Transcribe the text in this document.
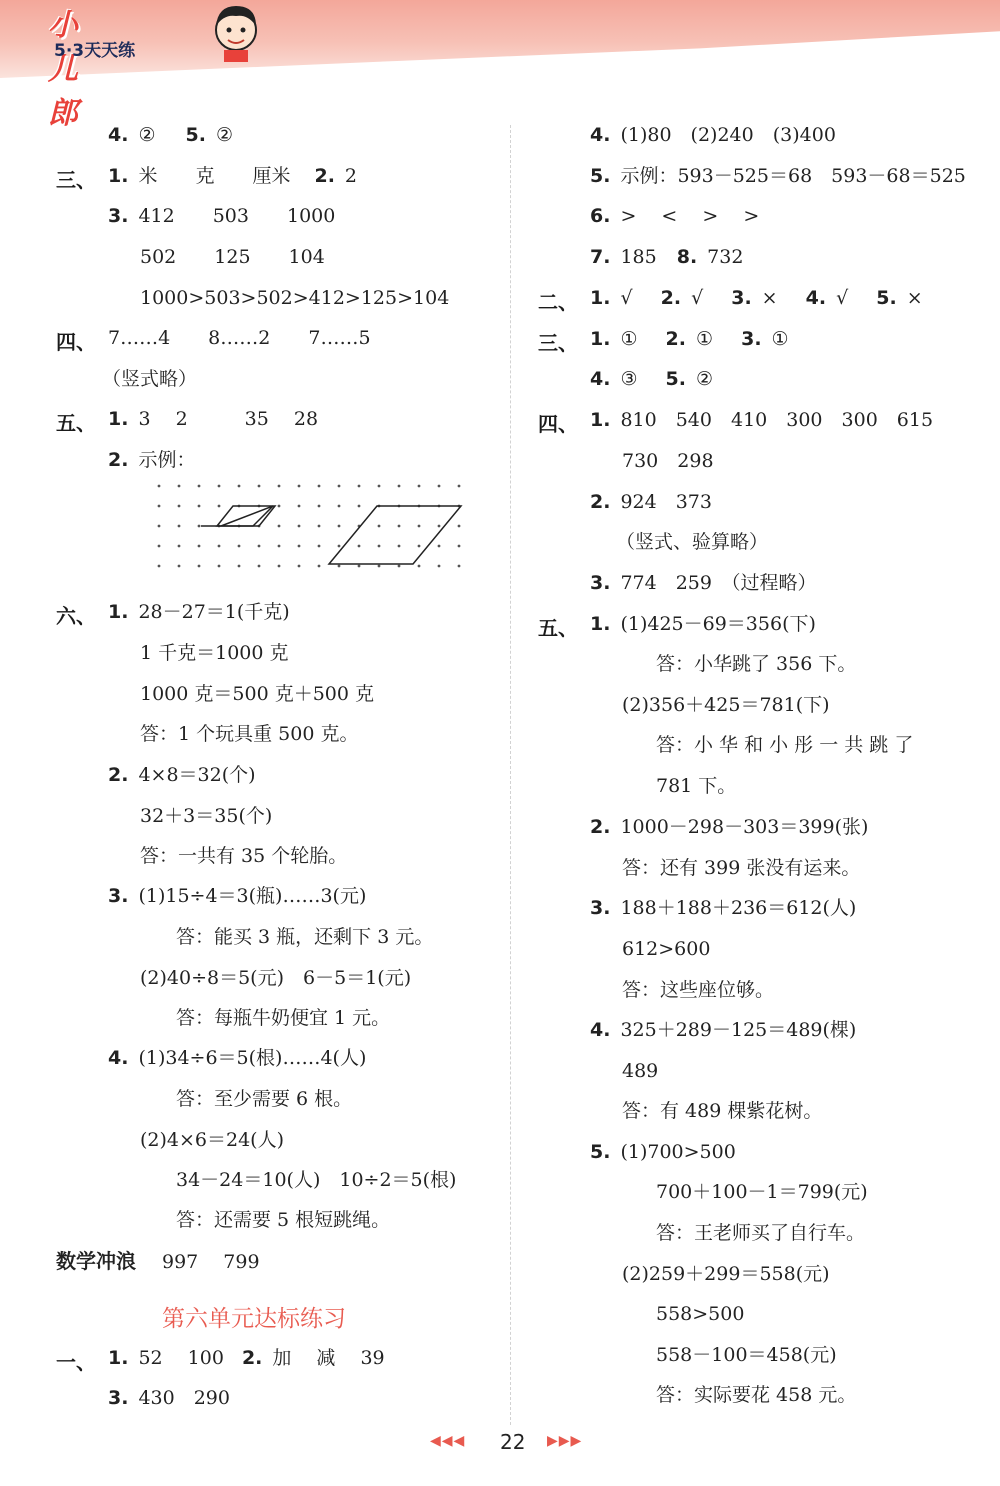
小儿郎
5·3天天练
4. ② 5. ②
三、 1. 米　　克　　厘米 2. 2
3. 412　　503　　1000
502　　125　　104
1000>503>502>412>125>104
四、 7……4　　8……2　　7……5
（竖式略）
五、 1. 3　 2　　　35　 28
2. 示例：
六、 1. 28－27＝1(千克)
1 千克＝1000 克
1000 克＝500 克＋500 克
答：1 个玩具重 500 克。
2. 4×8＝32(个)
32＋3＝35(个)
答：一共有 35 个轮胎。
3. (1)15÷4＝3(瓶)……3(元)
答：能买 3 瓶，还剩下 3 元。
(2)40÷8＝5(元)　6－5＝1(元)
答：每瓶牛奶便宜 1 元。
4. (1)34÷6＝5(根)……4(人)
答：至少需要 6 根。
(2)4×6＝24(人)
34－24＝10(人)　10÷2＝5(根)
答：还需要 5 根短跳绳。
数学冲浪 997　 799
第六单元达标练习
一、 1. 52　 100 2. 加　 减　 39
3. 430　290
4. (1)80　(2)240　(3)400
5. 示例：593－525＝68　593－68＝525
6. >　 <　 >　 >
7. 185 8. 732
二、 1. √ 2. √ 3. × 4. √ 5. ×
三、 1. ① 2. ① 3. ①
4. ③ 5. ②
四、 1. 810　540　410　300　300　615
730　298
2. 924　373
（竖式、验算略）
3. 774　259　（过程略）
五、 1. (1)425－69＝356(下)
答：小华跳了 356 下。
(2)356＋425＝781(下)
答：小 华 和 小 彤 一 共 跳 了
781 下。
2. 1000－298－303＝399(张)
答：还有 399 张没有运来。
3. 188＋188＋236＝612(人)
612>600
答：这些座位够。
4. 325＋289－125＝489(棵)
489
答：有 489 棵紫花树。
5. (1)700>500
700＋100－1＝799(元)
答：王老师买了自行车。
(2)259＋299＝558(元)
558>500
558－100＝458(元)
答：实际要花 458 元。
◀◀◀ 22 ▶▶▶
